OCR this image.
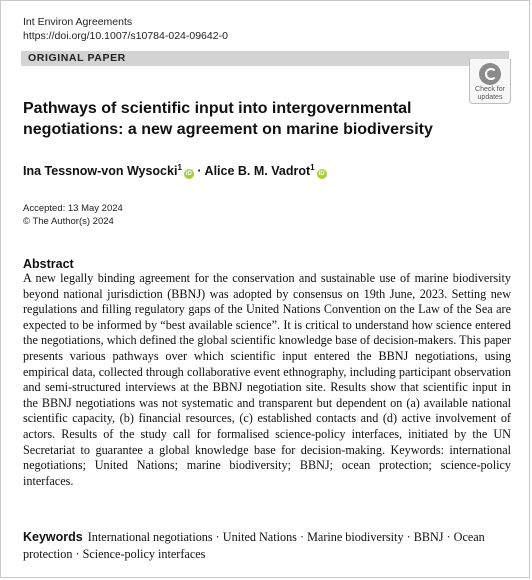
Int Environ Agreements
https://doi.org/10.1007/s10784-024-09642-0
ORIGINAL PAPER
Check for
updates
Pathways of scientific input into intergovernmental negotiations: a new agreement on marine biodiversity
Ina Tessnow-von Wysocki$^1$iD · Alice B. M. Vadrot$^1$iD
Accepted: 13 May 2024
© The Author(s) 2024
Abstract
A new legally binding agreement for the conservation and sustainable use of marine biodiversity beyond national jurisdiction (BBNJ) was adopted by consensus on 19th June, 2023. Setting new regulations and filling regulatory gaps of the United Nations Convention on the Law of the Sea are expected to be informed by “best available science”. It is critical to understand how science entered the negotiations, which defined the global scientific knowledge base of decision-makers. This paper presents various pathways over which scientific input entered the BBNJ negotiations, using empirical data, collected through collaborative event ethnography, including participant observation and semi-structured interviews at the BBNJ negotiation site. Results show that scientific input in the BBNJ negotiations was not systematic and transparent but dependent on (a) available national scientific capacity, (b) financial resources, (c) established contacts and (d) active involvement of actors. Results of the study call for formalised science-policy interfaces, initiated by the UN Secretariat to guarantee a global knowledge base for decision-making. Keywords: international negotiations; United Nations; marine biodiversity; BBNJ; ocean protection; science-policy interfaces.
Keywords International negotiations · United Nations · Marine biodiversity · BBNJ · Ocean protection · Science-policy interfaces
